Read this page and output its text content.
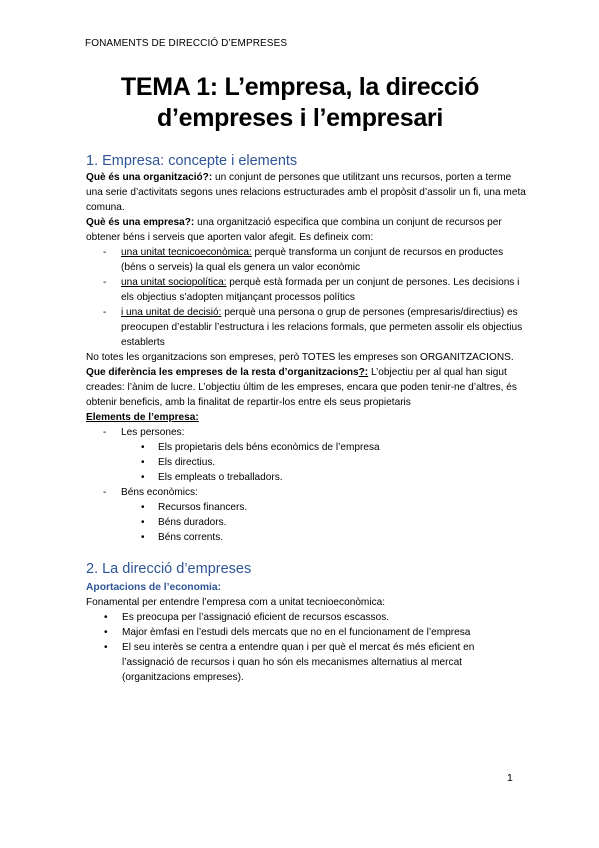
FONAMENTS DE DIRECCIÓ D’EMPRESES
TEMA 1: L’empresa, la direcció
d’empreses i l’empresari
1. Empresa: concepte i elements

Què és una organització?: un conjunt de persones que utilitzant uns recursos, porten a terme una serie d’activitats segons unes relacions estructurades amb el propòsit d’assolir un fi, una meta comuna.

Què és una empresa?: una organització especifica que combina un conjunt de recursos per obtener béns i serveis que aporten valor afegit. Es defineix com:

- una unitat tecnicoeconòmica: perquè transforma un conjunt de recursos en productes (béns o serveis) la qual els genera un valor econòmic
- una unitat sociopolítica: perquè està formada per un conjunt de persones. Les decisions i els objectius s’adopten mitjançant processos polítics
- i una unitat de decisió: perquè una persona o grup de persones (empresaris/directius) es preocupen d’establir l’estructura i les relacions formals, que permeten assolir els objectius establerts

No totes les organitzacions son empreses, però TOTES les empreses son ORGANITZACIONS.

Que diferència les empreses de la resta d’organitzacions?: L’objectiu per al qual han sigut creades: l’ànim de lucre. L’objectiu últim de les empreses, encara que poden tenir-ne d’altres, és obtenir beneficis, amb la finalitat de repartir-los entre els seus propietaris

Elements de l’empresa:

- Les persones:
• Els propietaris dels béns econòmics de l’empresa
• Els directius.
• Els empleats o treballadors.
- Béns econòmics:
• Recursos financers.
• Béns duradors.
• Béns corrents.
2. La direcció d’empreses
Aportacions de l’economia:

Fonamental per entendre l’empresa com a unitat tecnioeconòmica:

• Es preocupa per l’assignació eficient de recursos escassos.
• Major èmfasi en l’estudi dels mercats que no en el funcionament de l’empresa
• El seu interès se centra a entendre quan i per què el mercat és més eficient en l’assignació de recursos i quan ho són els mecanismes alternatius al mercat (organitzacions empreses).
1
